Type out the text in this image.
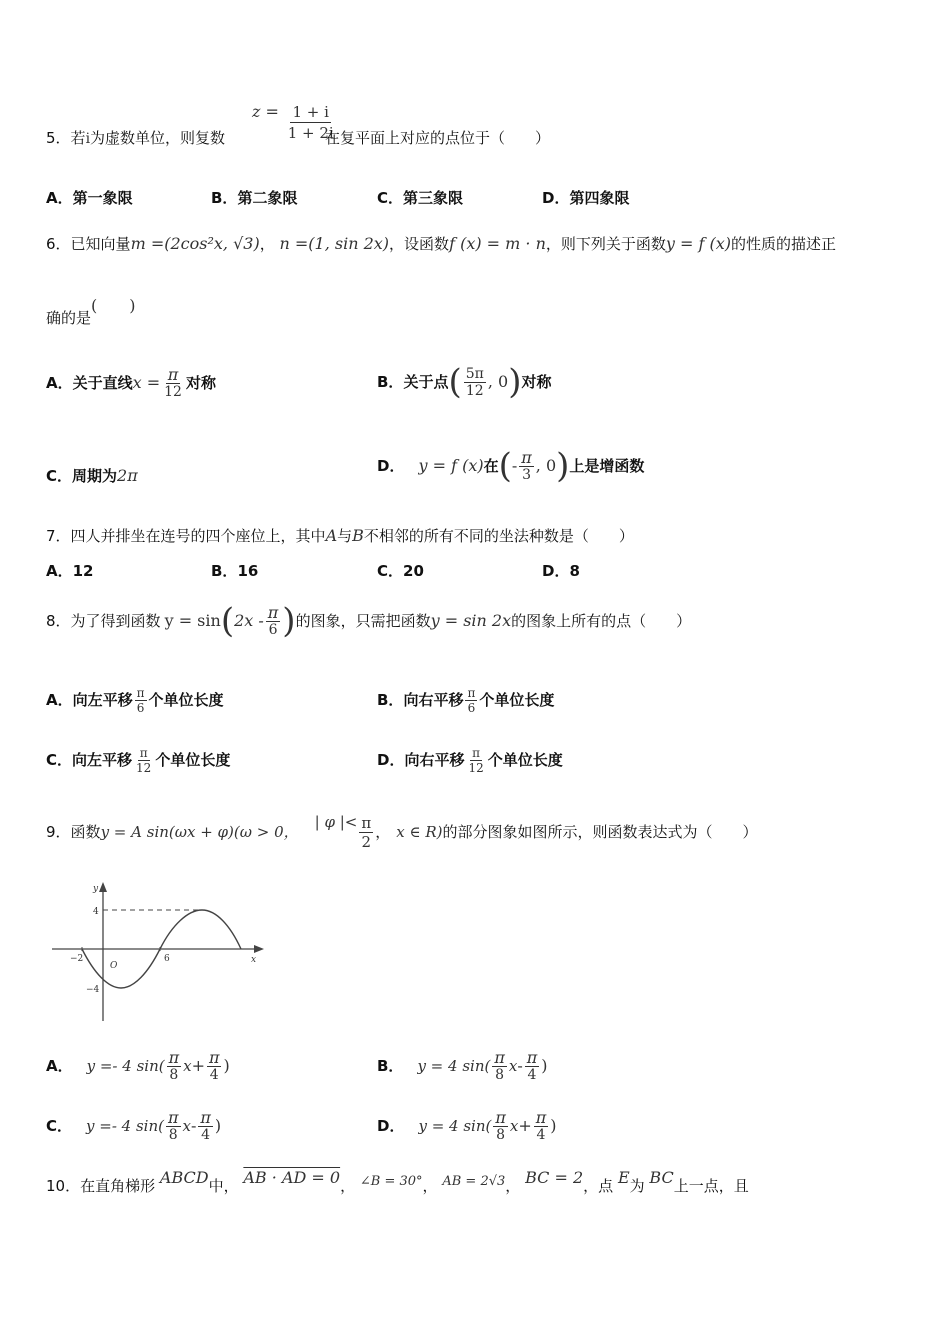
5．若i为虚数单位，则复数
$z = \frac{1 + i}{1 + 2i}$
在复平面上对应的点位于（　　）
A．第一象限	B．第二象限	C．第三象限	D．第四象限
6．已知向量m =(2cos²x, √3)， n =(1, sin 2x)，设函数f (x) = m · n，则下列关于函数y = f (x)的性质的描述正
确的是(　　)
A． 关于直线 $x = \frac{\pi}{12}$ 对称	B． 关于点 ( $\frac{5\pi}{12}$ , 0 ) 对称
C．周期为2π	D． y = f (x) 在 ( - $\frac{\pi}{3}$ , 0 ) 上是增函数
7．四人并排坐在连号的四个座位上，其中A与B不相邻的所有不同的坐法种数是（　　）
A．12	B．16	C．20	D．8
8． 为了得到函数 y = sin ( $2x - \frac{\pi}{6}$ ) 的图象，只需把函数 y = sin 2x 的图象上所有的点（　　）
A． 向左平移 $\frac{\pi}{6}$ 个单位长度	B． 向右平移 $\frac{\pi}{6}$ 个单位长度
C． 向左平移 $\frac{\pi}{12}$ 个单位长度	D． 向右平移 $\frac{\pi}{12}$ 个单位长度
9． 函数 y = A sin(ωx + φ)(ω > 0，
| φ |< $\frac{\pi}{2}$ ， x ∈ R) 的部分图象如图所示，则函数表达式为（　　）
y
x
O
4
−4
−2	6
A． y =- 4 $\sin( \frac{\pi}{8}$ $x + \frac{\pi}{4}$ )	B． y = 4 $\sin( \frac{\pi}{8}$ x - $\frac{\pi}{4}$ )
C． y =- 4 $\sin( \frac{\pi}{8}$ x - $\frac{\pi}{4}$ )	D． y = 4 $\sin( \frac{\pi}{8}$ $x + \frac{\pi}{4}$ )
10．在直角梯形 ABCD中， AB · AD = 0， ∠B = 30°， AB = 2√3， BC = 2，点 E为 BC上一点，且
